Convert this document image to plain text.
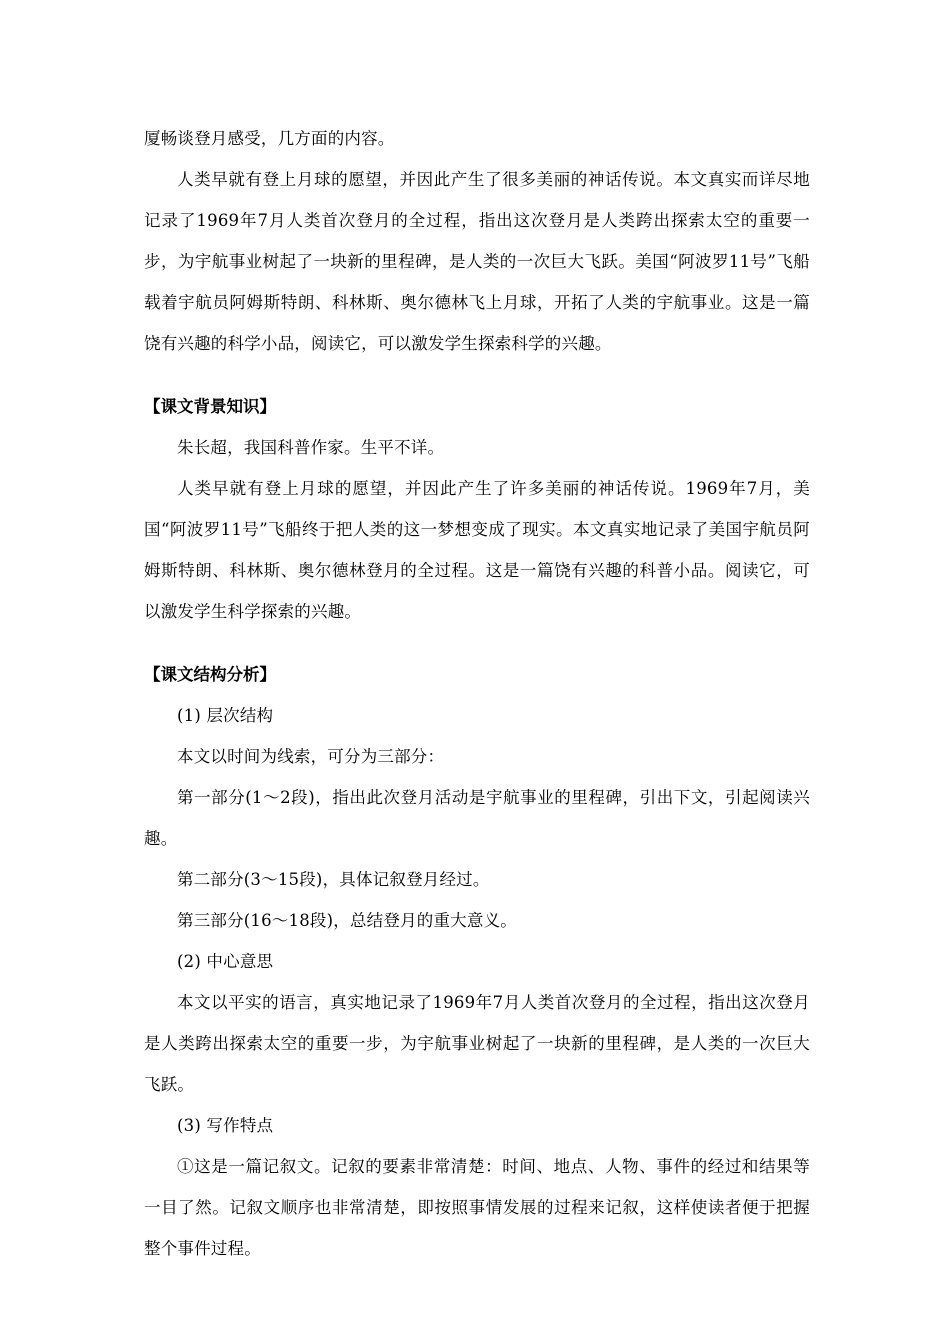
厦畅谈登月感受，几方面的内容。

人类早就有登上月球的愿望，并因此产生了很多美丽的神话传说。本文真实而详尽地记录了1969年7月人类首次登月的全过程，指出这次登月是人类跨出探索太空的重要一步，为宇航事业树起了一块新的里程碑，是人类的一次巨大飞跃。美国“阿波罗11号”飞船载着宇航员阿姆斯特朗、科林斯、奥尔德林飞上月球，开拓了人类的宇航事业。这是一篇饶有兴趣的科学小品，阅读它，可以激发学生探索科学的兴趣。

【课文背景知识】

朱长超，我国科普作家。生平不详。

人类早就有登上月球的愿望，并因此产生了许多美丽的神话传说。1969年7月，美国“阿波罗11号”飞船终于把人类的这一梦想变成了现实。本文真实地记录了美国宇航员阿姆斯特朗、科林斯、奥尔德林登月的全过程。这是一篇饶有兴趣的科普小品。阅读它，可以激发学生科学探索的兴趣。

【课文结构分析】

(1) 层次结构

本文以时间为线索，可分为三部分：

第一部分(1～2段)，指出此次登月活动是宇航事业的里程碑，引出下文，引起阅读兴趣。

第二部分(3～15段)，具体记叙登月经过。

第三部分(16～18段)，总结登月的重大意义。

(2) 中心意思

本文以平实的语言，真实地记录了1969年7月人类首次登月的全过程，指出这次登月是人类跨出探索太空的重要一步，为宇航事业树起了一块新的里程碑，是人类的一次巨大飞跃。

(3) 写作特点

①这是一篇记叙文。记叙的要素非常清楚：时间、地点、人物、事件的经过和结果等一目了然。记叙文顺序也非常清楚，即按照事情发展的过程来记叙，这样使读者便于把握整个事件过程。
